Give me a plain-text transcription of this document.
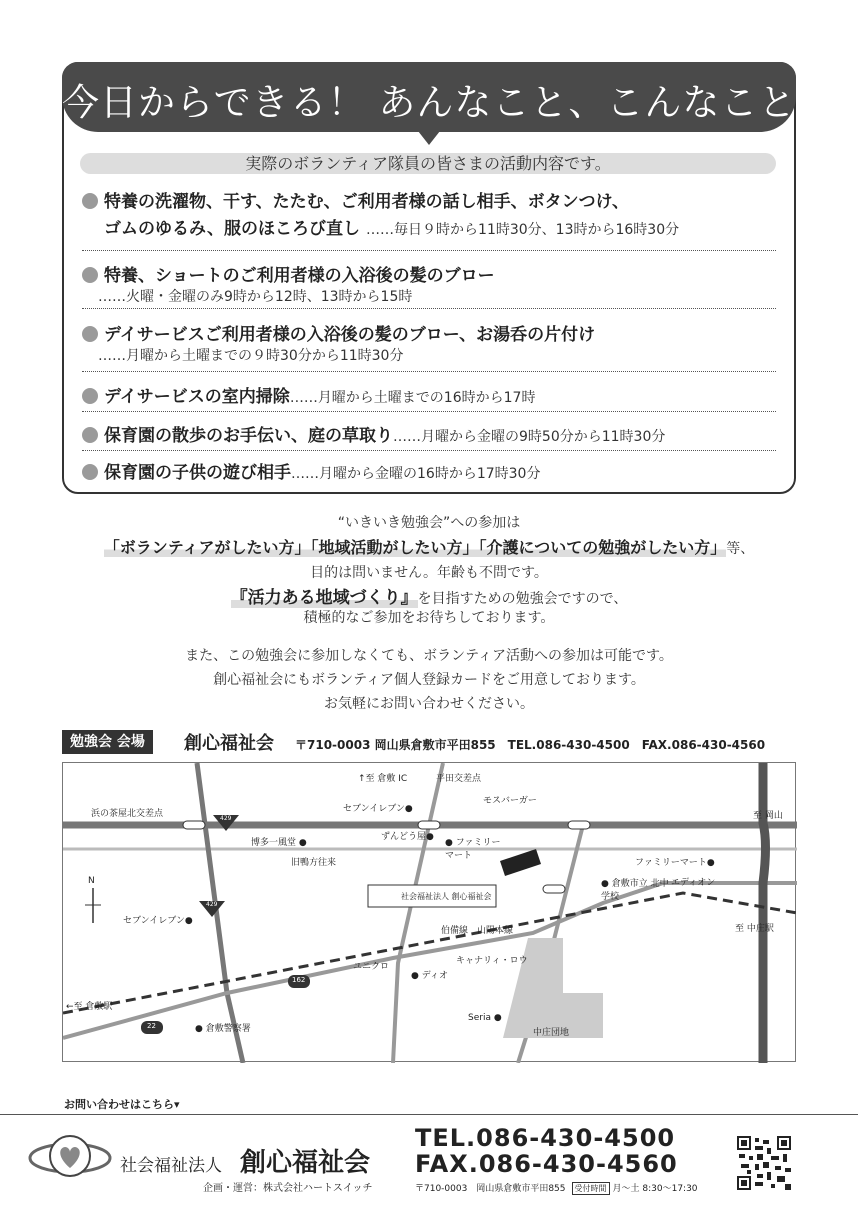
今日からできる！ あんなこと、こんなこと
実際のボランティア隊員の皆さまの活動内容です。
特養の洗濯物、干す、たたむ、ご利用者様の話し相手、ボタンつけ、
ゴムのゆるみ、服のほころび直し ……毎日９時から11時30分、13時から16時30分
特養、ショートのご利用者様の入浴後の髪のブロー
……火曜・金曜のみ9時から12時、13時から15時
デイサービスご利用者様の入浴後の髪のブロー、お湯呑の片付け
……月曜から土曜までの９時30分から11時30分
デイサービスの室内掃除 ……月曜から土曜までの16時から17時
保育園の散歩のお手伝い、庭の草取り ……月曜から金曜の9時50分から11時30分
保育園の子供の遊び相手 ……月曜から金曜の16時から17時30分
“いきいき勉強会”への参加は
「ボランティアがしたい方」「地域活動がしたい方」「介護についての勉強がしたい方」等、
目的は問いません。年齢も不問です。
『活力ある地域づくり』を目指すための勉強会ですので、
積極的なご参加をお待ちしております。
また、この勉強会に参加しなくても、ボランティア活動への参加は可能です。
創心福祉会にもボランティア個人登録カードをご用意しております。
お気軽にお問い合わせください。
勉強会 会場	創心福祉会 〒710-0003 岡山県倉敷市平田855　TEL.086-430-4500　FAX.086-430-4560
↑至 倉敷 IC	平田交差点
浜の茶屋北交差点	セブンイレブン●
モスバーガー
至 岡山
博多一風堂 ●
ずんどう屋●
● ファミリー マート
旧鴨方往来	ファミリーマート●
● 倉敷市立 北中学校
エディオン
N
セブンイレブン●
社会福祉法人 創心福祉会
伯備線　山陽本線	至 中庄駅
ユニクロ
● ディオ
キャナリィ・ロウ
←至 倉敷駅
Seria ●
中庄団地
● 倉敷警察署
429
429
162
22
お問い合わせはこちら▾
社会福祉法人 創心福祉会
企画・運営：株式会社ハートスイッチ
TEL.086-430-4500
FAX.086-430-4560
〒710-0003　岡山県倉敷市平田855 受付時間 月〜土 8:30〜17:30
